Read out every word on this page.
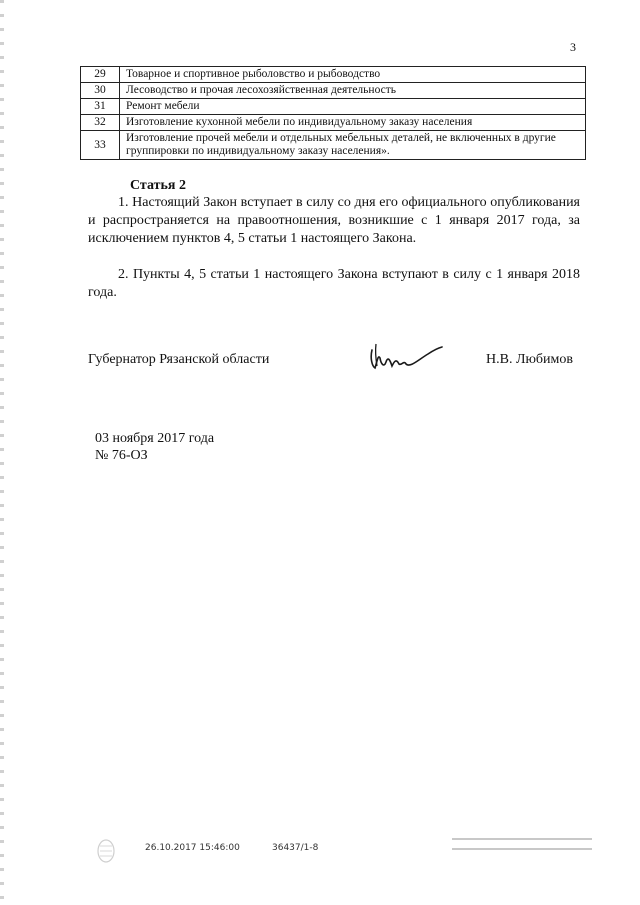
3
29	Товарное и спортивное рыболовство и рыбоводство
30	Лесоводство и прочая лесохозяйственная деятельность
31	Ремонт мебели
32	Изготовление кухонной мебели по индивидуальному заказу населения
33	Изготовление прочей мебели и отдельных мебельных деталей, не включенных в другие группировки по индивидуальному заказу населения».
Статья 2

1. Настоящий Закон вступает в силу со дня его официального опубликования и распространяется на правоотношения, возникшие с 1 января 2017 года, за исключением пунктов 4, 5 статьи 1 настоящего Закона.

2. Пункты 4, 5 статьи 1 настоящего Закона вступают в силу с 1 января 2018 года.

Губернатор Рязанской области	Н.В. Любимов
03 ноября 2017 года
№ 76-ОЗ
26.10.2017 15:46:00	36437/1-8
